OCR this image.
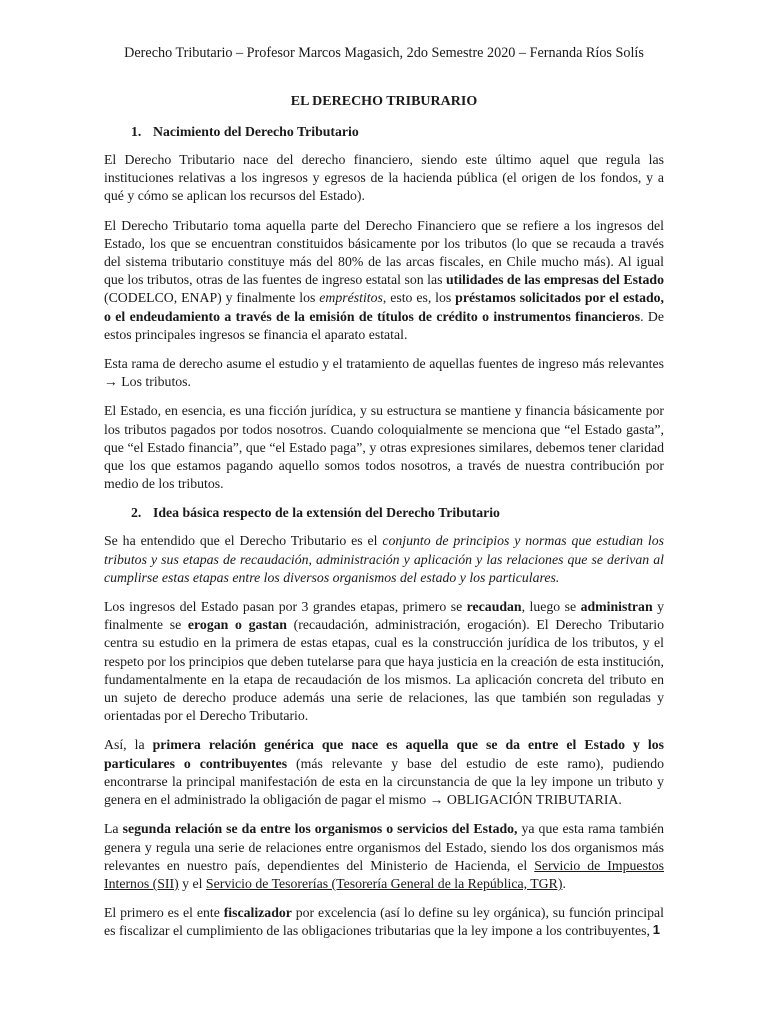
Derecho Tributario – Profesor Marcos Magasich, 2do Semestre 2020 – Fernanda Ríos Solís
EL DERECHO TRIBURARIO
1. Nacimiento del Derecho Tributario

El Derecho Tributario nace del derecho financiero, siendo este último aquel que regula las instituciones relativas a los ingresos y egresos de la hacienda pública (el origen de los fondos, y a qué y cómo se aplican los recursos del Estado).

El Derecho Tributario toma aquella parte del Derecho Financiero que se refiere a los ingresos del Estado, los que se encuentran constituidos básicamente por los tributos (lo que se recauda a través del sistema tributario constituye más del 80% de las arcas fiscales, en Chile mucho más). Al igual que los tributos, otras de las fuentes de ingreso estatal son las utilidades de las empresas del Estado (CODELCO, ENAP) y finalmente los empréstitos, esto es, los préstamos solicitados por el estado, o el endeudamiento a través de la emisión de títulos de crédito o instrumentos financieros. De estos principales ingresos se financia el aparato estatal.

Esta rama de derecho asume el estudio y el tratamiento de aquellas fuentes de ingreso más relevantes → Los tributos.

El Estado, en esencia, es una ficción jurídica, y su estructura se mantiene y financia básicamente por los tributos pagados por todos nosotros. Cuando coloquialmente se menciona que “el Estado gasta”, que “el Estado financia”, que “el Estado paga”, y otras expresiones similares, debemos tener claridad que los que estamos pagando aquello somos todos nosotros, a través de nuestra contribución por medio de los tributos.

2. Idea básica respecto de la extensión del Derecho Tributario

Se ha entendido que el Derecho Tributario es el conjunto de principios y normas que estudian los tributos y sus etapas de recaudación, administración y aplicación y las relaciones que se derivan al cumplirse estas etapas entre los diversos organismos del estado y los particulares.

Los ingresos del Estado pasan por 3 grandes etapas, primero se recaudan, luego se administran y finalmente se erogan o gastan (recaudación, administración, erogación). El Derecho Tributario centra su estudio en la primera de estas etapas, cual es la construcción jurídica de los tributos, y el respeto por los principios que deben tutelarse para que haya justicia en la creación de esta institución, fundamentalmente en la etapa de recaudación de los mismos. La aplicación concreta del tributo en un sujeto de derecho produce además una serie de relaciones, las que también son reguladas y orientadas por el Derecho Tributario.

Así, la primera relación genérica que nace es aquella que se da entre el Estado y los particulares o contribuyentes (más relevante y base del estudio de este ramo), pudiendo encontrarse la principal manifestación de esta en la circunstancia de que la ley impone un tributo y genera en el administrado la obligación de pagar el mismo → OBLIGACIÓN TRIBUTARIA.

La segunda relación se da entre los organismos o servicios del Estado, ya que esta rama también genera y regula una serie de relaciones entre organismos del Estado, siendo los dos organismos más relevantes en nuestro país, dependientes del Ministerio de Hacienda, el Servicio de Impuestos Internos (SII) y el Servicio de Tesorerías (Tesorería General de la República, TGR).

El primero es el ente fiscalizador por excelencia (así lo define su ley orgánica), su función principal es fiscalizar el cumplimiento de las obligaciones tributarias que la ley impone a los contribuyentes, 1
